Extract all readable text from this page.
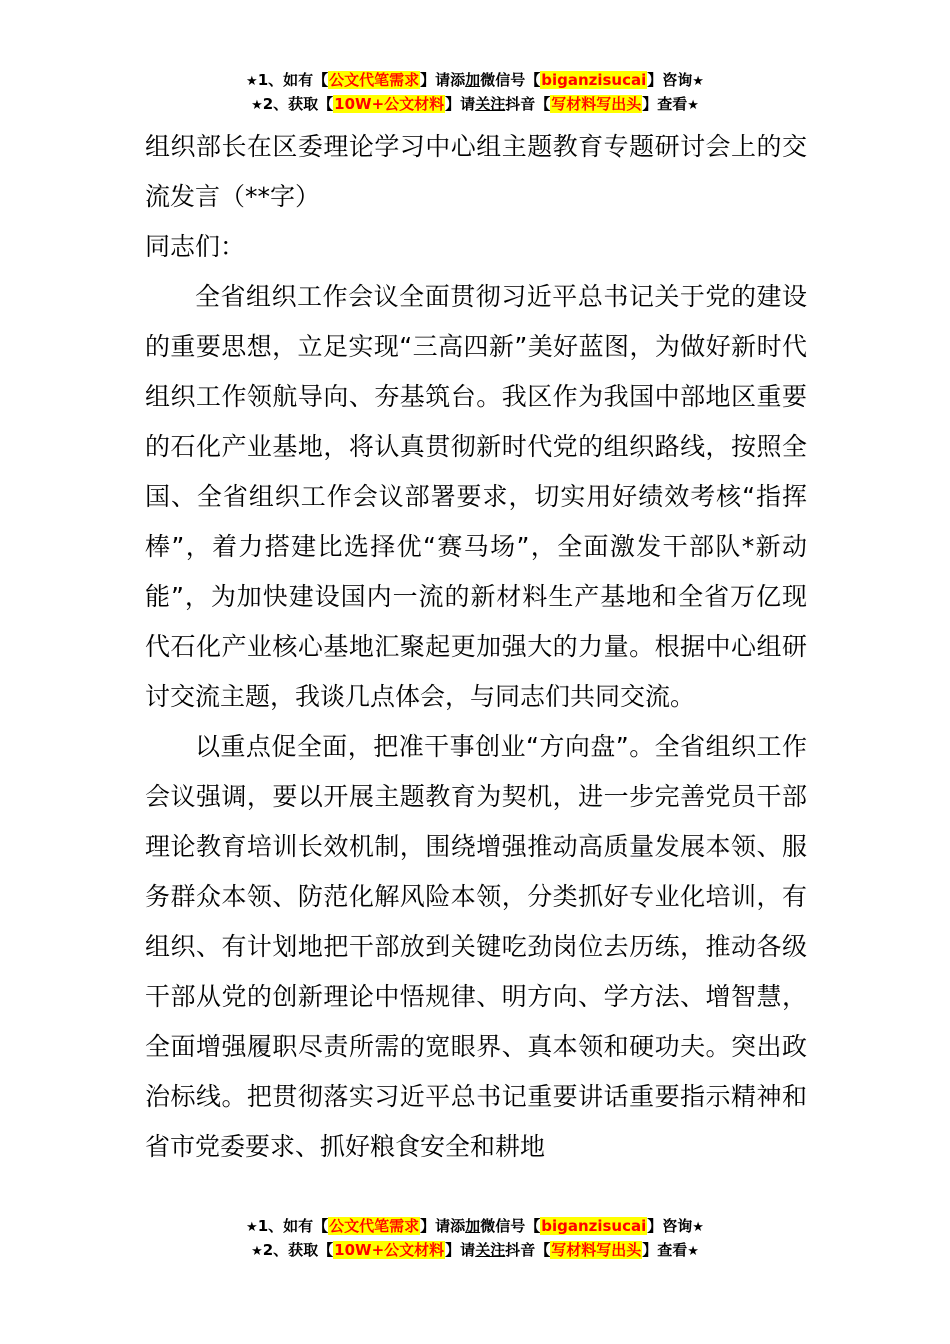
★1、如有【公文代笔需求】请添加微信号【biganzisucai】咨询★
★2、获取【10W+公文材料】请关注抖音【写材料写出头】查看★

组织部长在区委理论学习中心组主题教育专题研讨会上的交流发言（**字）

同志们：

全省组织工作会议全面贯彻习近平总书记关于党的建设的重要思想，立足实现“三高四新”美好蓝图，为做好新时代组织工作领航导向、夯基筑台。我区作为我国中部地区重要的石化产业基地，将认真贯彻新时代党的组织路线，按照全国、全省组织工作会议部署要求，切实用好绩效考核“指挥棒”，着力搭建比选择优“赛马场”，全面激发干部队*新动能”，为加快建设国内一流的新材料生产基地和全省万亿现代石化产业核心基地汇聚起更加强大的力量。根据中心组研讨交流主题，我谈几点体会，与同志们共同交流。

以重点促全面，把准干事创业“方向盘”。全省组织工作会议强调，要以开展主题教育为契机，进一步完善党员干部理论教育培训长效机制，围绕增强推动高质量发展本领、服务群众本领、防范化解风险本领，分类抓好专业化培训，有组织、有计划地把干部放到关键吃劲岗位去历练，推动各级干部从党的创新理论中悟规律、明方向、学方法、增智慧，全面增强履职尽责所需的宽眼界、真本领和硬功夫。突出政治标线。把贯彻落实习近平总书记重要讲话重要指示精神和省市党委要求、抓好粮食安全和耕地

★1、如有【公文代笔需求】请添加微信号【biganzisucai】咨询★
★2、获取【10W+公文材料】请关注抖音【写材料写出头】查看★
